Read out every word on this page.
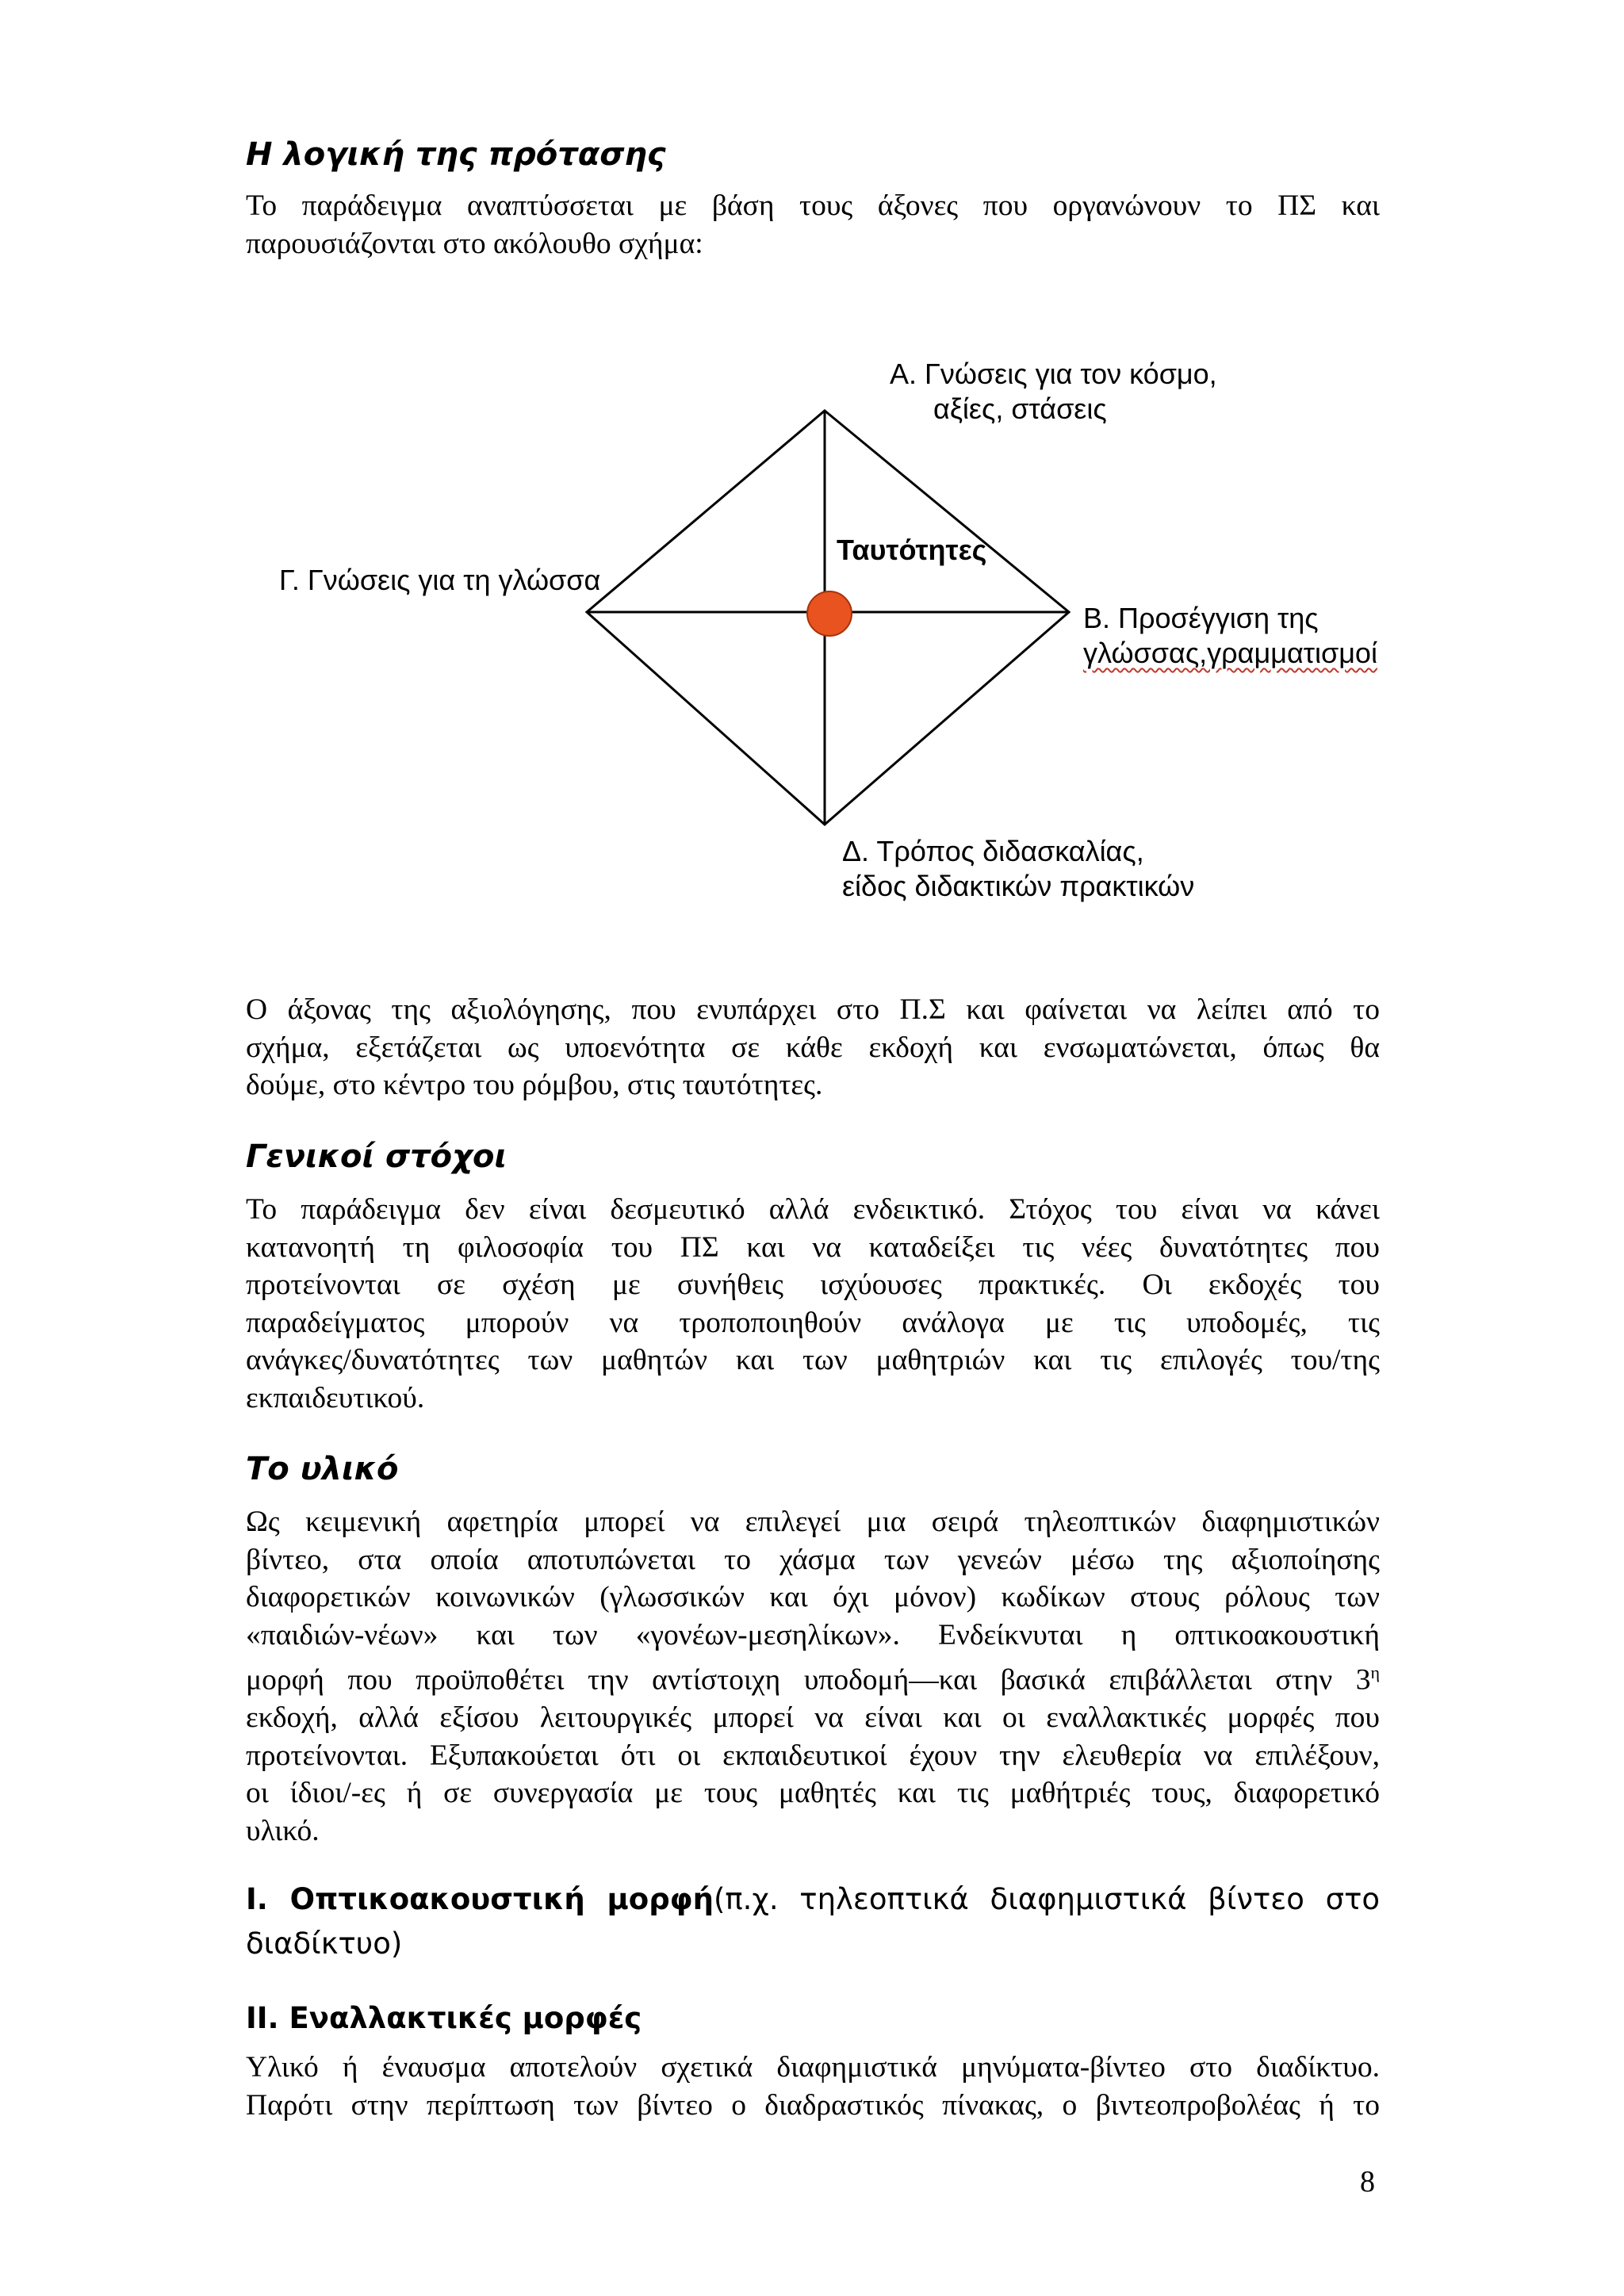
Η λογική της πρότασης

Το παράδειγμα αναπτύσσεται με βάση τους άξονες που οργανώνουν το ΠΣ και
παρουσιάζονται στο ακόλουθο σχήμα:

A. Γνώσεις για τον κόσμο,
αξίες, στάσεις

Ταυτότητες

Γ. Γνώσεις για τη γλώσσα

Β. Προσέγγιση της
γλώσσας,γραμματισμοί

Δ. Τρόπος διδασκαλίας,
είδος διδακτικών πρακτικών

Ο άξονας της αξιολόγησης, που ενυπάρχει στο Π.Σ και φαίνεται να λείπει από το
σχήμα, εξετάζεται ως υποενότητα σε κάθε εκδοχή και ενσωματώνεται, όπως θα
δούμε, στο κέντρο του ρόμβου, στις ταυτότητες.

Γενικοί στόχοι

Το παράδειγμα δεν είναι δεσμευτικό αλλά ενδεικτικό. Στόχος του είναι να κάνει
κατανοητή τη φιλοσοφία του ΠΣ και να καταδείξει τις νέες δυνατότητες που
προτείνονται σε σχέση με συνήθεις ισχύουσες πρακτικές. Οι εκδοχές του
παραδείγματος μπορούν να τροποποιηθούν ανάλογα με τις υποδομές, τις
ανάγκες/δυνατότητες των μαθητών και των μαθητριών και τις επιλογές του/της
εκπαιδευτικού.

Το υλικό

Ως κειμενική αφετηρία μπορεί να επιλεγεί μια σειρά τηλεοπτικών διαφημιστικών
βίντεο, στα οποία αποτυπώνεται το χάσμα των γενεών μέσω της αξιοποίησης
διαφορετικών κοινωνικών (γλωσσικών και όχι μόνον) κωδίκων στους ρόλους των
«παιδιών-νέων» και των «γονέων-μεσηλίκων». Ενδείκνυται η οπτικοακουστική
μορφή που προϋποθέτει την αντίστοιχη υποδομή—και βασικά επιβάλλεται στην $3^\eta$
εκδοχή, αλλά εξίσου λειτουργικές μπορεί να είναι και οι εναλλακτικές μορφές που
προτείνονται. Εξυπακούεται ότι οι εκπαιδευτικοί έχουν την ελευθερία να επιλέξουν,
οι ίδιοι/-ες ή σε συνεργασία με τους μαθητές και τις μαθήτριές τους, διαφορετικό
υλικό.

I. Οπτικοακουστική μορφή(π.χ. τηλεοπτικά διαφημιστικά βίντεο στο
διαδίκτυο)

II. Εναλλακτικές μορφές

Υλικό ή έναυσμα αποτελούν σχετικά διαφημιστικά μηνύματα-βίντεο στο διαδίκτυο.
Παρότι στην περίπτωση των βίντεο ο διαδραστικός πίνακας, ο βιντεοπροβολέας ή το

8
